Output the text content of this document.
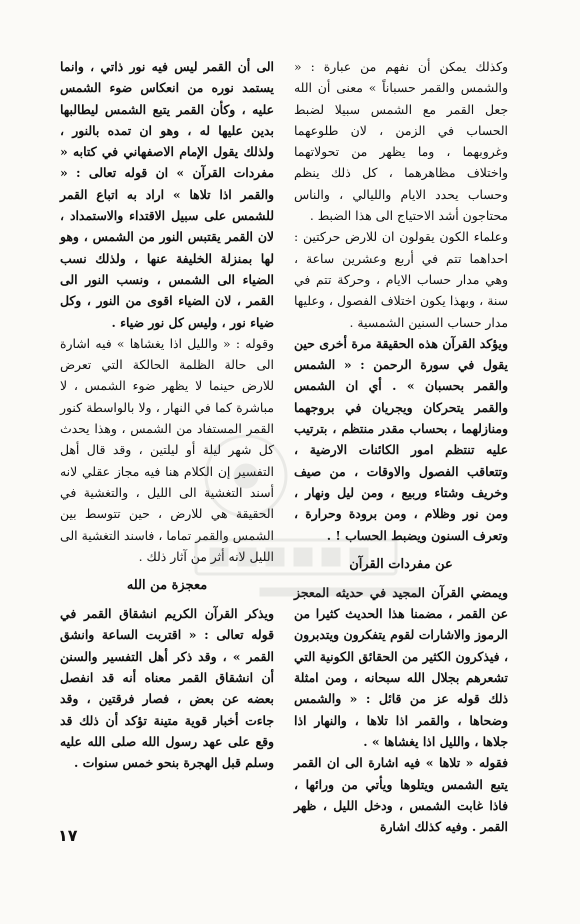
وكذلك يمكن أن نفهم من عبارة : « والشمس والقمر حسباناً » معنى أن الله جعل القمر مع الشمس سبيلا لضبط الحساب في الزمن ، لان طلوعهما وغروبهما ، وما يظهر من تحولاتهما واختلاف مظاهرهما ، كل ذلك ينظم وحساب يحدد الايام والليالي ، والناس محتاجون أشد الاحتياج الى هذا الضبط .

وعلماء الكون يقولون ان للارض حركتين : احداهما تتم في أربع وعشرين ساعة ، وهي مدار حساب الايام ، وحركة تتم في سنة ، وبهذا يكون اختلاف الفصول ، وعليها مدار حساب السنين الشمسية .

ويؤكد القرآن هذه الحقيقة مرة أخرى حين يقول في سورة الرحمن : « الشمس والقمر بحسبان » . أي ان الشمس والقمر يتحركان ويجريان في بروجهما ومنازلهما ، بحساب مقدر منتظم ، بترتيب عليه تنتظم امور الكائنات الارضية ، وتتعاقب الفصول والاوقات ، من صيف وخريف وشتاء وربيع ، ومن ليل ونهار ، ومن نور وظلام ، ومن برودة وحرارة ، وتعرف السنون ويضبط الحساب ! .

عن مفردات القرآن

ويمضي القرآن المجيد في حديثه المعجز عن القمر ، مضمنا هذا الحديث كثيرا من الرموز والاشارات لقوم يتفكرون ويتدبرون ، فيذكرون الكثير من الحقائق الكونية التي تشعرهم بجلال الله سبحانه ، ومن امثلة ذلك قوله عز من قائل : « والشمس وضحاها ، والقمر اذا تلاها ، والنهار اذا جلاها ، والليل اذا يغشاها » .

فقوله « تلاها » فيه اشارة الى ان القمر يتبع الشمس ويتلوها ويأتي من ورائها ، فاذا غابت الشمس ، ودخل الليل ، ظهر القمر . وفيه كذلك اشارة

الى أن القمر ليس فيه نور ذاتي ، وانما يستمد نوره من انعكاس ضوء الشمس عليه ، وكأن القمر يتبع الشمس ليطالبها بدين عليها له ، وهو ان تمده بالنور ، ولذلك يقول الإمام الاصفهاني في كتابه « مفردات القرآن » ان قوله تعالى : « والقمر اذا تلاها » اراد به اتباع القمر للشمس على سبيل الاقتداء والاستمداد ، لان القمر يقتبس النور من الشمس ، وهو لها بمنزلة الخليفة عنها ، ولذلك نسب الضياء الى الشمس ، ونسب النور الى القمر ، لان الضياء اقوى من النور ، وكل ضياء نور ، وليس كل نور ضياء .

وقوله : « والليل اذا يغشاها » فيه اشارة الى حالة الظلمة الحالكة التي تعرض للارض حينما لا يظهر ضوء الشمس ، لا مباشرة كما في النهار ، ولا بالواسطة كنور القمر المستفاد من الشمس ، وهذا يحدث كل شهر ليلة أو ليلتين ، وقد قال أهل التفسير إن الكلام هنا فيه مجاز عقلي لانه أسند التغشية الى الليل ، والتغشية في الحقيقة هي للارض ، حين تتوسط بين الشمس والقمر تماما ، فاسند التغشية الى الليل لانه أثر من آثار ذلك .

معجزة من الله

ويذكر القرآن الكريم انشقاق القمر في قوله تعالى : « اقتربت الساعة وانشق القمر » ، وقد ذكر أهل التفسير والسنن أن انشقاق القمر معناه أنه قد انفصل بعضه عن بعض ، فصار فرقتين ، وقد جاءت أخبار قوية متينة تؤكد أن ذلك قد وقع على عهد رسول الله صلى الله عليه وسلم قبل الهجرة بنحو خمس سنوات .

١٧
